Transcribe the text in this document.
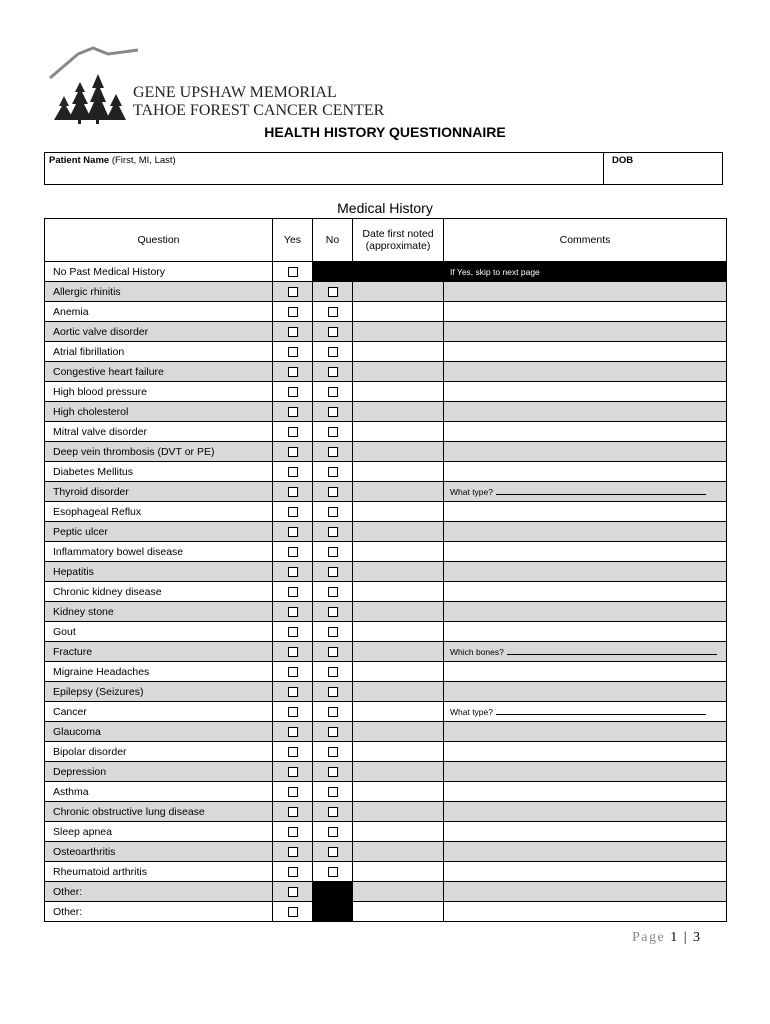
GENE UPSHAW MEMORIAL
TAHOE FOREST CANCER CENTER
HEALTH HISTORY QUESTIONNAIRE
Patient Name (First, MI, Last)	DOB
Medical History
Question	Yes	No	Date first noted (approximate)	Comments
No Past Medical History				If Yes, skip to next page
Allergic rhinitis				
Anemia				
Aortic valve disorder				
Atrial fibrillation				
Congestive heart failure				
High blood pressure				
High cholesterol				
Mitral valve disorder				
Deep vein thrombosis (DVT or PE)				
Diabetes Mellitus				
Thyroid disorder				What type?
Esophageal Reflux				
Peptic ulcer				
Inflammatory bowel disease				
Hepatitis				
Chronic kidney disease				
Kidney stone				
Gout				
Fracture				Which bones?
Migraine Headaches				
Epilepsy (Seizures)				
Cancer				What type?
Glaucoma				
Bipolar disorder				
Depression				
Asthma				
Chronic obstructive lung disease				
Sleep apnea				
Osteoarthritis				
Rheumatoid arthritis				
Other:				
Other:				
Page 1 | 3
